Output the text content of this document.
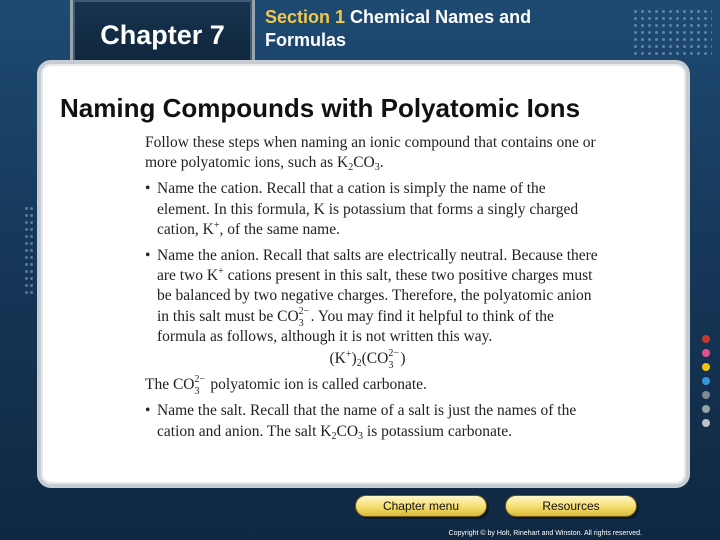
Chapter 7
Section 1 Chemical Names and
Formulas
Naming Compounds with Polyatomic Ions

Follow these steps when naming an ionic compound that contains one or more polyatomic ions, such as $K_2CO_3$.

• Name the cation. Recall that a cation is simply the name of the element. In this formula, K is potassium that forms a singly charged cation, K+, of the same name.
• Name the anion. Recall that salts are electrically neutral. Because there are two K+ cations present in this salt, these two positive charges must be balanced by two negative charges. Therefore, the polyatomic anion in this salt must be CO 2−
3 . You may find it helpful to think of the formula as follows, although it is not written this way.
$(K^+)_2(CO$ 2−
3 )

The CO 2−
3 polyatomic ion is called carbonate.

• Name the salt. Recall that the name of a salt is just the names of the cation and anion. The salt $K_2CO_3$ is potassium carbonate.
Chapter menu	Resources
Copyright © by Holt, Rinehart and Winston. All rights reserved.
